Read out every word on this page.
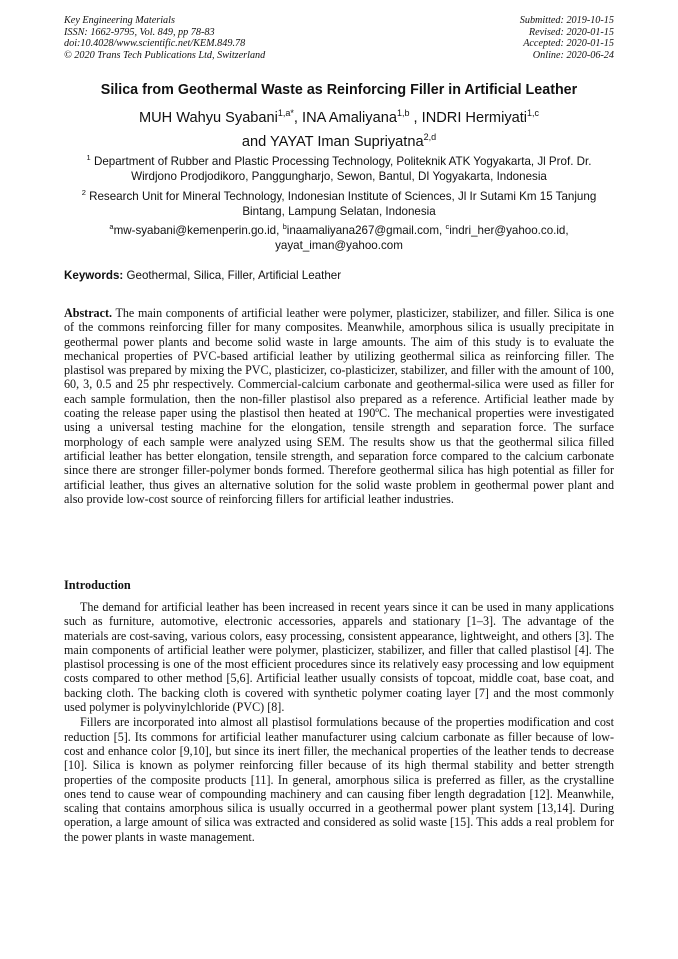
Key Engineering Materials
ISSN: 1662-9795, Vol. 849, pp 78-83
doi:10.4028/www.scientific.net/KEM.849.78
© 2020 Trans Tech Publications Ltd, Switzerland
Submitted: 2019-10-15
Revised: 2020-01-15
Accepted: 2020-01-15
Online: 2020-06-24
Silica from Geothermal Waste as Reinforcing Filler in Artificial Leather
MUH Wahyu Syabani$^{1,a*}$, INA Amaliyana$^{1,b}$ , INDRI Hermiyati$^{1,c}$
and YAYAT Iman Supriyatna$^{2,d}$
$^1$ Department of Rubber and Plastic Processing Technology, Politeknik ATK Yogyakarta, Jl Prof. Dr. Wirdjono Prodjodikoro, Panggungharjo, Sewon, Bantul, DI Yogyakarta, Indonesia
$^2$ Research Unit for Mineral Technology, Indonesian Institute of Sciences, Jl Ir Sutami Km 15 Tanjung Bintang, Lampung Selatan, Indonesia
$^a$mw-syabani@kemenperin.go.id, $^b$inaamaliyana267@gmail.com, $^c$indri_her@yahoo.co.id,
yayat_iman@yahoo.com
Keywords: Geothermal, Silica, Filler, Artificial Leather
Abstract. The main components of artificial leather were polymer, plasticizer, stabilizer, and filler. Silica is one of the commons reinforcing filler for many composites. Meanwhile, amorphous silica is usually precipitate in geothermal power plants and become solid waste in large amounts. The aim of this study is to evaluate the mechanical properties of PVC-based artificial leather by utilizing geothermal silica as reinforcing filler. The plastisol was prepared by mixing the PVC, plasticizer, co-plasticizer, stabilizer, and filler with the amount of 100, 60, 3, 0.5 and 25 phr respectively. Commercial-calcium carbonate and geothermal-silica were used as filler for each sample formulation, then the non-filler plastisol also prepared as a reference. Artificial leather made by coating the release paper using the plastisol then heated at 190ºC. The mechanical properties were investigated using a universal testing machine for the elongation, tensile strength and separation force. The surface morphology of each sample were analyzed using SEM. The results show us that the geothermal silica filled artificial leather has better elongation, tensile strength, and separation force compared to the calcium carbonate since there are stronger filler-polymer bonds formed. Therefore geothermal silica has high potential as filler for artificial leather, thus gives an alternative solution for the solid waste problem in geothermal power plant and also provide low-cost source of reinforcing fillers for artificial leather industries.
Introduction

The demand for artificial leather has been increased in recent years since it can be used in many applications such as furniture, automotive, electronic accessories, apparels and stationary [1–3]. The advantage of the materials are cost-saving, various colors, easy processing, consistent appearance, lightweight, and others [3]. The main components of artificial leather were polymer, plasticizer, stabilizer, and filler that called plastisol [4]. The plastisol processing is one of the most efficient procedures since its relatively easy processing and low equipment costs compared to other method [5,6]. Artificial leather usually consists of topcoat, middle coat, base coat, and backing cloth. The backing cloth is covered with synthetic polymer coating layer [7] and the most commonly used polymer is polyvinylchloride (PVC) [8].

Fillers are incorporated into almost all plastisol formulations because of the properties modification and cost reduction [5]. Its commons for artificial leather manufacturer using calcium carbonate as filler because of low-cost and enhance color [9,10], but since its inert filler, the mechanical properties of the leather tends to decrease [10]. Silica is known as polymer reinforcing filler because of its high thermal stability and better strength properties of the composite products [11]. In general, amorphous silica is preferred as filler, as the crystalline ones tend to cause wear of compounding machinery and can causing fiber length degradation [12]. Meanwhile, scaling that contains amorphous silica is usually occurred in a geothermal power plant system [13,14]. During operation, a large amount of silica was extracted and considered as solid waste [15]. This adds a real problem for the power plants in waste management.
